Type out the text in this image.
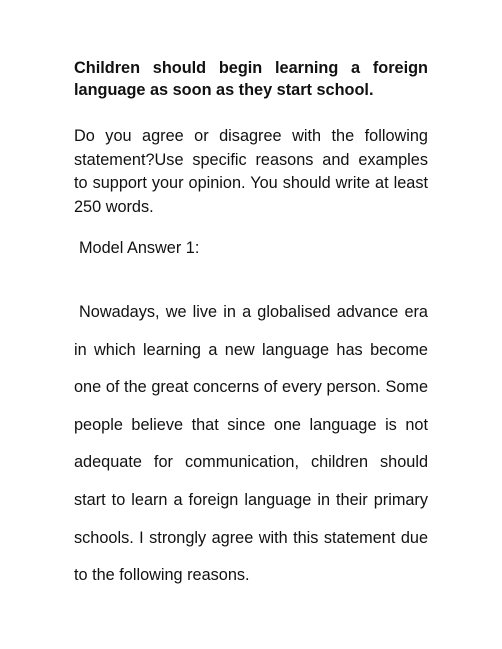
Children should begin learning a foreign language as soon as they start school.

Do you agree or disagree with the following statement?Use specific reasons and examples to support your opinion. You should write at least 250 words.

Model Answer 1:

Nowadays, we live in a globalised advance era in which learning a new language has become one of the great concerns of every person. Some people believe that since one language is not adequate for communication, children should start to learn a foreign language in their primary schools. I strongly agree with this statement due to the following reasons.
